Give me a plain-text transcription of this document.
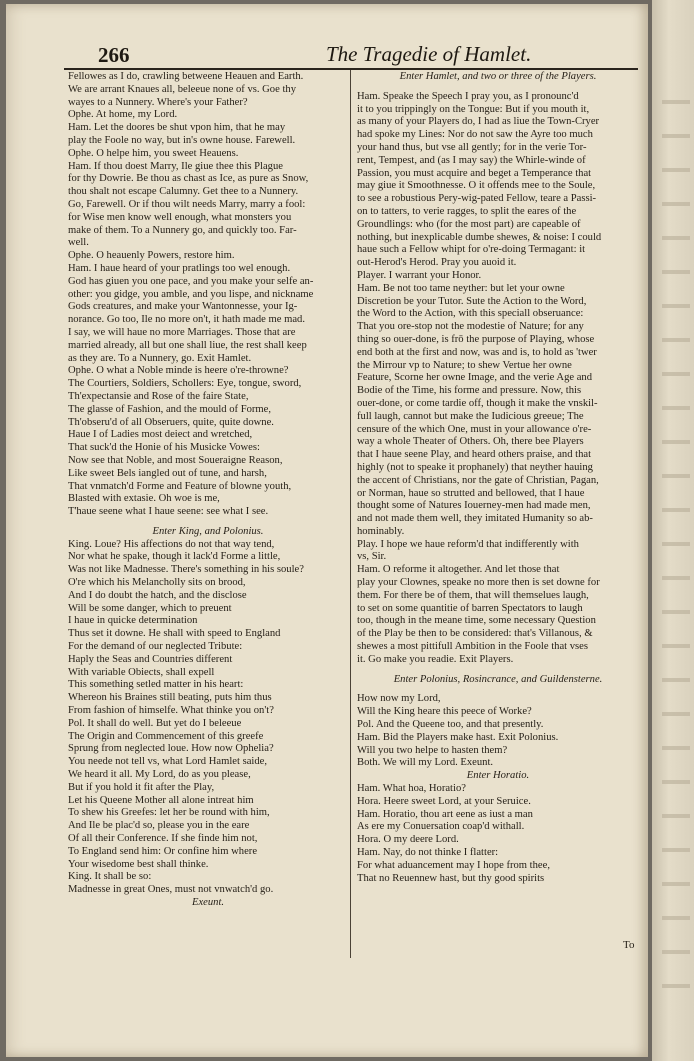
266	The Tragedie of Hamlet.
Fellowes as I do, crawling betweene Heauen and Earth.
We are arrant Knaues all, beleeue none of vs. Goe thy
wayes to a Nunnery. Where's your Father?
Ophe. At home, my Lord.
Ham. Let the doores be shut vpon him, that he may
play the Foole no way, but in's owne house. Farewell.
Ophe. O helpe him, you sweet Heauens.
Ham. If thou doest Marry, Ile giue thee this Plague
for thy Dowrie. Be thou as chast as Ice, as pure as Snow,
thou shalt not escape Calumny. Get thee to a Nunnery.
Go, Farewell. Or if thou wilt needs Marry, marry a fool:
for Wise men know well enough, what monsters you
make of them. To a Nunnery go, and quickly too. Far-
well.
Ophe. O heauenly Powers, restore him.
Ham. I haue heard of your pratlings too wel enough.
God has giuen you one pace, and you make your selfe an-
other: you gidge, you amble, and you lispe, and nickname
Gods creatures, and make your Wantonnesse, your Ig-
norance. Go too, Ile no more on't, it hath made me mad.
I say, we will haue no more Marriages. Those that are
married already, all but one shall liue, the rest shall keep
as they are. To a Nunnery, go. Exit Hamlet.
Ophe. O what a Noble minde is heere o're-throwne?
The Courtiers, Soldiers, Schollers: Eye, tongue, sword,
Th'expectansie and Rose of the faire State,
The glasse of Fashion, and the mould of Forme,
Th'obseru'd of all Obseruers, quite, quite downe.
Haue I of Ladies most deiect and wretched,
That suck'd the Honie of his Musicke Vowes:
Now see that Noble, and most Soueraigne Reason,
Like sweet Bels iangled out of tune, and harsh,
That vnmatch'd Forme and Feature of blowne youth,
Blasted with extasie. Oh woe is me,
T'haue seene what I haue seene: see what I see.
Enter King, and Polonius.
King. Loue? His affections do not that way tend,
Nor what he spake, though it lack'd Forme a little,
Was not like Madnesse. There's something in his soule?
O're which his Melancholly sits on brood,
And I do doubt the hatch, and the disclose
Will be some danger, which to preuent
I haue in quicke determination
Thus set it downe. He shall with speed to England
For the demand of our neglected Tribute:
Haply the Seas and Countries different
With variable Obiects, shall expell
This something setled matter in his heart:
Whereon his Braines still beating, puts him thus
From fashion of himselfe. What thinke you on't?
Pol. It shall do well. But yet do I beleeue
The Origin and Commencement of this greefe
Sprung from neglected loue. How now Ophelia?
You neede not tell vs, what Lord Hamlet saide,
We heard it all. My Lord, do as you please,
But if you hold it fit after the Play,
Let his Queene Mother all alone intreat him
To shew his Greefes: let her be round with him,
And Ile be plac'd so, please you in the eare
Of all their Conference. If she finde him not,
To England send him: Or confine him where
Your wisedome best shall thinke.
King. It shall be so:
Madnesse in great Ones, must not vnwatch'd go.
Exeunt.
Enter Hamlet, and two or three of the Players.
Ham. Speake the Speech I pray you, as I pronounc'd
it to you trippingly on the Tongue: But if you mouth it,
as many of your Players do, I had as liue the Town-Cryer
had spoke my Lines: Nor do not saw the Ayre too much
your hand thus, but vse all gently; for in the verie Tor-
rent, Tempest, and (as I may say) the Whirle-winde of
Passion, you must acquire and beget a Temperance that
may giue it Smoothnesse. O it offends mee to the Soule,
to see a robustious Pery-wig-pated Fellow, teare a Passi-
on to tatters, to verie ragges, to split the eares of the
Groundlings: who (for the most part) are capeable of
nothing, but inexplicable dumbe shewes, & noise: I could
haue such a Fellow whipt for o're-doing Termagant: it
out-Herod's Herod. Pray you auoid it.
Player. I warrant your Honor.
Ham. Be not too tame neyther: but let your owne
Discretion be your Tutor. Sute the Action to the Word,
the Word to the Action, with this speciall obseruance:
That you ore-stop not the modestie of Nature; for any
thing so ouer-done, is frō the purpose of Playing, whose
end both at the first and now, was and is, to hold as 'twer
the Mirrour vp to Nature; to shew Vertue her owne
Feature, Scorne her owne Image, and the verie Age and
Bodie of the Time, his forme and pressure. Now, this
ouer-done, or come tardie off, though it make the vnskil-
full laugh, cannot but make the Iudicious greeue; The
censure of the which One, must in your allowance o're-
way a whole Theater of Others. Oh, there bee Players
that I haue seene Play, and heard others praise, and that
highly (not to speake it prophanely) that neyther hauing
the accent of Christians, nor the gate of Christian, Pagan,
or Norman, haue so strutted and bellowed, that I haue
thought some of Natures Iouerney-men had made men,
and not made them well, they imitated Humanity so ab-
hominably.
Play. I hope we haue reform'd that indifferently with
vs, Sir.
Ham. O reforme it altogether. And let those that
play your Clownes, speake no more then is set downe for
them. For there be of them, that will themselues laugh,
to set on some quantitie of barren Spectators to laugh
too, though in the meane time, some necessary Question
of the Play be then to be considered: that's Villanous, &
shewes a most pittifull Ambition in the Foole that vses
it. Go make you readie. Exit Players.
Enter Polonius, Rosincrance, and Guildensterne.
How now my Lord,
Will the King heare this peece of Worke?
Pol. And the Queene too, and that presently.
Ham. Bid the Players make hast. Exit Polonius.
Will you two helpe to hasten them?
Both. We will my Lord. Exeunt.
Enter Horatio.
Ham. What hoa, Horatio?
Hora. Heere sweet Lord, at your Seruice.
Ham. Horatio, thou art eene as iust a man
As ere my Conuersation coap'd withall.
Hora. O my deere Lord.
Ham. Nay, do not thinke I flatter:
For what aduancement may I hope from thee,
That no Reuennew hast, but thy good spirits
To
